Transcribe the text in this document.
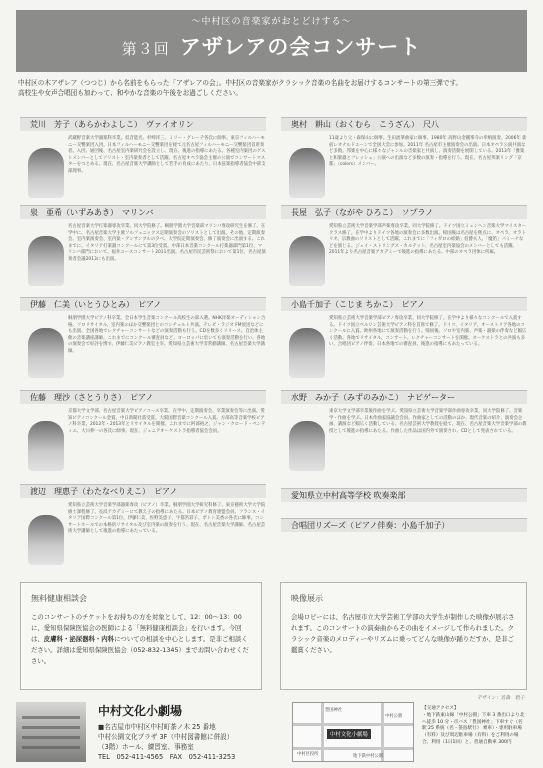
〜中村区の音楽家がおとどけする〜
第３回 アザレアの会コンサート
中村区の木アザレア（つつじ）から名前をもらった「アザレアの会」。中村区の音楽家がクラシック音楽の名曲をお届けするコンサートの第三弾です。
高校生や女声合唱団も加わって、和やかな音楽の午後をお過ごしください。
荒川　芳子（あらかわよしこ）　ヴァイオリン
武蔵野音楽大学器楽科卒業。低音能名、杉崎洋三、ミリー・グレーテ各氏に師事。東京フィルハーモニー交響楽団入団。日本フィルハーモニー交響楽団を経て元名古屋フィルハーモニー交響楽団首席奏者。入団、通団後、名古屋室内楽研究会を設立し、現在、後進の指導にあたる。各種室内楽団のゲストメンバーとしてソリスト・室内楽奏者として活躍。名古屋オペラ協会主催の公演でコンサートマスターをつとめる。現在、名古屋音楽大学講師として若手の育成にあたり、日本弦楽指導者協会中部支部理事。
奥村　耕山（おくむら　こうざん）　尺八
11歳より父・森保山に師事。生田流箏曲家に師事。1980年 高野山金剛峯寺の奉納演奏。2006年 新宿レオナルドエーンで全国大会に参加。2011年 名古屋市主催演奏会の出演。日本オペラ公演共演など多数。邦楽を中心に様々なジャンルの音楽家と共演し、演奏活動を展開している。2013年「雅楽と和楽器とフレッシュ」公演への出演など多数の演奏・指導を行う。現在、名古屋邦楽リング「京都」（colors）メンバー。
泉　亜希（いずみあき）　マリンバ
名古屋音楽大学打楽器専攻卒業、同大学院修了。桐朋学園大学音楽部マリンバ専攻研究生を修了。在学中に、名古屋音楽大学主催ソルフェニックス定期演奏会のソリストとして出演。その他、定期演奏会、室内楽演奏会、室内楽・アンサンブルの夕べ、大学院定期演奏会、修了演奏会に出演する。これまでに、イタリア打楽器コンクールにて第3位受賞。中部日本音楽コンクール打楽器部門第1位、マリンバ部門において、福井ユースコンサート2011出演。名古屋市民芸術祭において第1位、名古屋演奏者会議2013にも出演。
長屋　弘子（ながや ひろこ）　ソプラノ
愛知県立芸術大学音楽学部声楽専攻卒業。同大学院修了。ドイツ国立ミュンヘン音楽大学マイスタークラス修了。在学中よりドイツ各地の演奏会に多数出演。帰国後は名古屋を拠点に、オペラ、オラトリオ、宗教曲のソリストとして活躍。これまでに「フィガロの結婚」伯爵夫人、「魔笛」パミーナなどを演じる。ジェイ・ストリングス・カルテット、名古屋室内楽協会のメンバーとしても活躍。2011年より名古屋音楽アカデミーで後進の指導にあたる。中部のオペラ団体に所属。
伊藤　仁美（いとうひとみ）　ピアノ
桐朋学園大学ピアノ科卒業。全日本学生音楽コンクール高校生の部入選。NHK洋楽オーディション合格。ソロリサイタル、室内楽のほか交響楽団とのコンチェルト共演。テレビ・ラジオ FM放送などにも出演。全国各地でレクチャーコンサートなどの演奏活動も行う。CDを数多くリリース。自治体主催の音楽講座講師。これまでにコンクール審査員など。ヨーロッパに於いても演奏活動を行い、各地の演奏会で好評を博す。伊藤仁美ピアノ教室主宰。愛知県立芸術大学非常勤講師、名古屋音楽大学講師。
小島千加子（こじま ちかこ）　ピアノ
愛知県立芸術大学音楽学部ピアノ専攻卒業、同大学院修了。在学中より様々なコンクールで入賞する。ドイツ国立ベルリン芸術大学ピアノ科を首席で修了。ドイツ、イタリア、オーストリア各地のコンクールに入賞。欧州各地にて演奏活動を行う。帰国後、ソロや室内楽、声楽・器楽の伴奏など幅広く活動。各地でリサイタル、コンサート、レクチャーコンサートを開催。オーケストラとの共演も多い。合唱団ピアノ伴奏、日本各地での審査員、後進の指導にもあたっている。
佐藤　理沙（さとうりさ）　ピアノ
京都大学文学部、名古屋音楽大学ピアノコース卒業。在学中、定期演奏会、卒業演奏会等に出演。愛知ピアノコンクール金賞、中日新聞社賞受賞。大阪国際音楽コンクール入賞。方部高等音楽学校ピアノ科卒業。2012年・2013年とリサイタルを開催。これまでに阿部裕之、ジャン・クロード・ペンティエ、大川伸一の各氏に師事。現在、ジュニアオーケストラ指導者協会会員。
水野　みか子（みずのみかこ）　ナビゲーター
東京大学文学部卒業後作曲を学ぶ。愛知県立芸術大学音楽学部作曲専攻卒業、同大学院修了。音楽学・作曲を学ぶ。日本作曲家協議会会員。作曲家としての活動のほか、現代音楽の紹介、演奏会企画、講演など幅広く活動している。名古屋芸術大学教授を経て、現在、名古屋音楽大学音楽学部の教授として後進の指導にあたる。作曲した作品は国内外で演奏され、CDとして発表されている。
渡辺　理惠子（わたなべりえこ）　ピアノ
愛知県立芸術大学音楽学部器楽専攻（ピアノ）卒業。桐朋学園大学研究科修了。東京藝術大学大学院修士課程修了。長浜アカデミーにて教え子の指導にあたる。日本ピアノ教育連盟会員。フランス・イタリア国際コンクール第1位。伊藤仁美、佐野美恵子、宇都宮彩子、ボトシ美香の各氏に師事。コンサートホールでの本格的リサイタル及び室内楽の演奏を行う。現在、名古屋音楽大学講師、名古屋芸術大学講師として後進の指導にあたっている。
愛知県立中村高等学校 吹奏楽部
合唱団リズーズ（ピアノ伴奏：小島千加子）
無料健康相談会
このコンサートのチケットをお持ちの方を対象として、12：00〜13：00に、愛知県保険医協会の医師による「無料健康相談会」を行います。今回は、皮膚科・泌尿器科・内科についての相談を中心とします。是非ご相談ください。詳細は愛知県保険医協会（052-832-1345）までお問い合わせください。
映像展示
会場ロビーには、名古屋市立大学芸術工学部の大学生が制作した映像が展示されます。このコンサートの演奏曲からその曲をイメージして作られました。クラシック音楽のメロディーやリズムに乗ってどんな映像が踊りだすか、是非ご鑑賞ください。
デザイン：近森　碧子
中村文化小劇場
■名古屋市中村区中村町茶ノ木 25 番地
中村公園文化プラザ 3F（中村図書館に併設）
（3階）ホール、練習室、事務室
TEL　052-411-4565　FAX　052-411-3253
豊国神社
中村公園
中村区役所	地下鉄中村公園
中村文化小劇場
【交通アクセス】
・地下鉄東山線「中村公園」下車 3 番出口より北へ徒歩 10 分・市バス「豊国神社」下車すぐ（名駅 25 系統（名・笹島駅行） 乗車）・専用駐車場（有料）及び周辺駐車場（有料）をご利用の場合、利用（1日1回）と、普通自動車 300円
